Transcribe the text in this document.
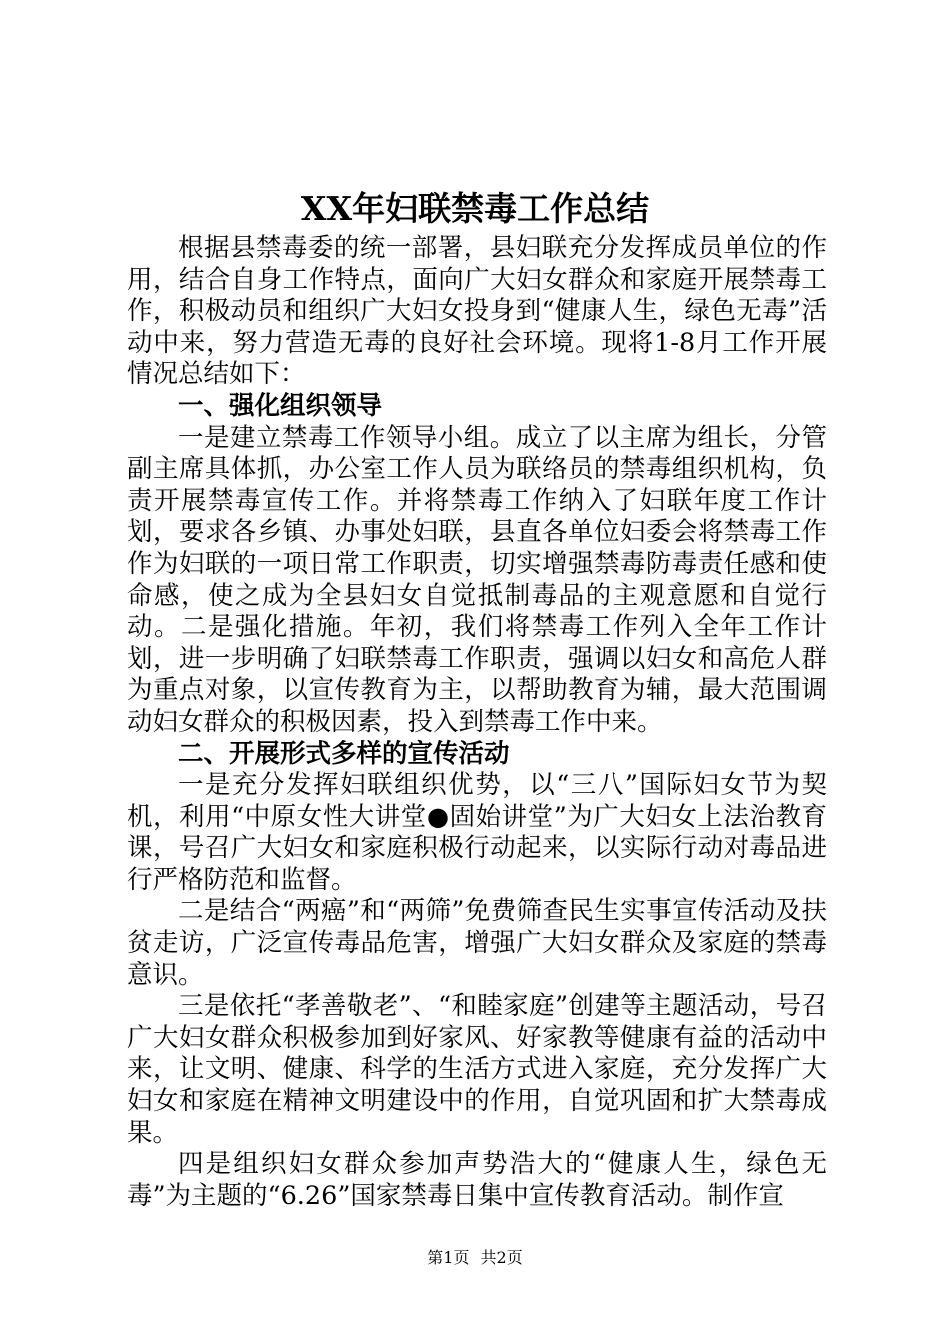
XX年妇联禁毒工作总结

根据县禁毒委的统一部署，县妇联充分发挥成员单位的作用，结合自身工作特点，面向广大妇女群众和家庭开展禁毒工作，积极动员和组织广大妇女投身到“健康人生，绿色无毒”活动中来，努力营造无毒的良好社会环境。现将1-8月工作开展情况总结如下：

一、强化组织领导

一是建立禁毒工作领导小组。成立了以主席为组长，分管副主席具体抓，办公室工作人员为联络员的禁毒组织机构，负责开展禁毒宣传工作。并将禁毒工作纳入了妇联年度工作计划，要求各乡镇、办事处妇联，县直各单位妇委会将禁毒工作作为妇联的一项日常工作职责，切实增强禁毒防毒责任感和使命感，使之成为全县妇女自觉抵制毒品的主观意愿和自觉行动。二是强化措施。年初，我们将禁毒工作列入全年工作计划，进一步明确了妇联禁毒工作职责，强调以妇女和高危人群为重点对象，以宣传教育为主，以帮助教育为辅，最大范围调动妇女群众的积极因素，投入到禁毒工作中来。

二、开展形式多样的宣传活动

一是充分发挥妇联组织优势，以“三八”国际妇女节为契机，利用“中原女性大讲堂●固始讲堂”为广大妇女上法治教育课，号召广大妇女和家庭积极行动起来，以实际行动对毒品进行严格防范和监督。

二是结合“两癌”和“两筛”免费筛查民生实事宣传活动及扶贫走访，广泛宣传毒品危害，增强广大妇女群众及家庭的禁毒意识。

三是依托“孝善敬老”、“和睦家庭”创建等主题活动，号召广大妇女群众积极参加到好家风、好家教等健康有益的活动中来，让文明、健康、科学的生活方式进入家庭，充分发挥广大妇女和家庭在精神文明建设中的作用，自觉巩固和扩大禁毒成果。

四是组织妇女群众参加声势浩大的“健康人生，绿色无毒”为主题的“6.26”国家禁毒日集中宣传教育活动。制作宣

第1页 共2页
